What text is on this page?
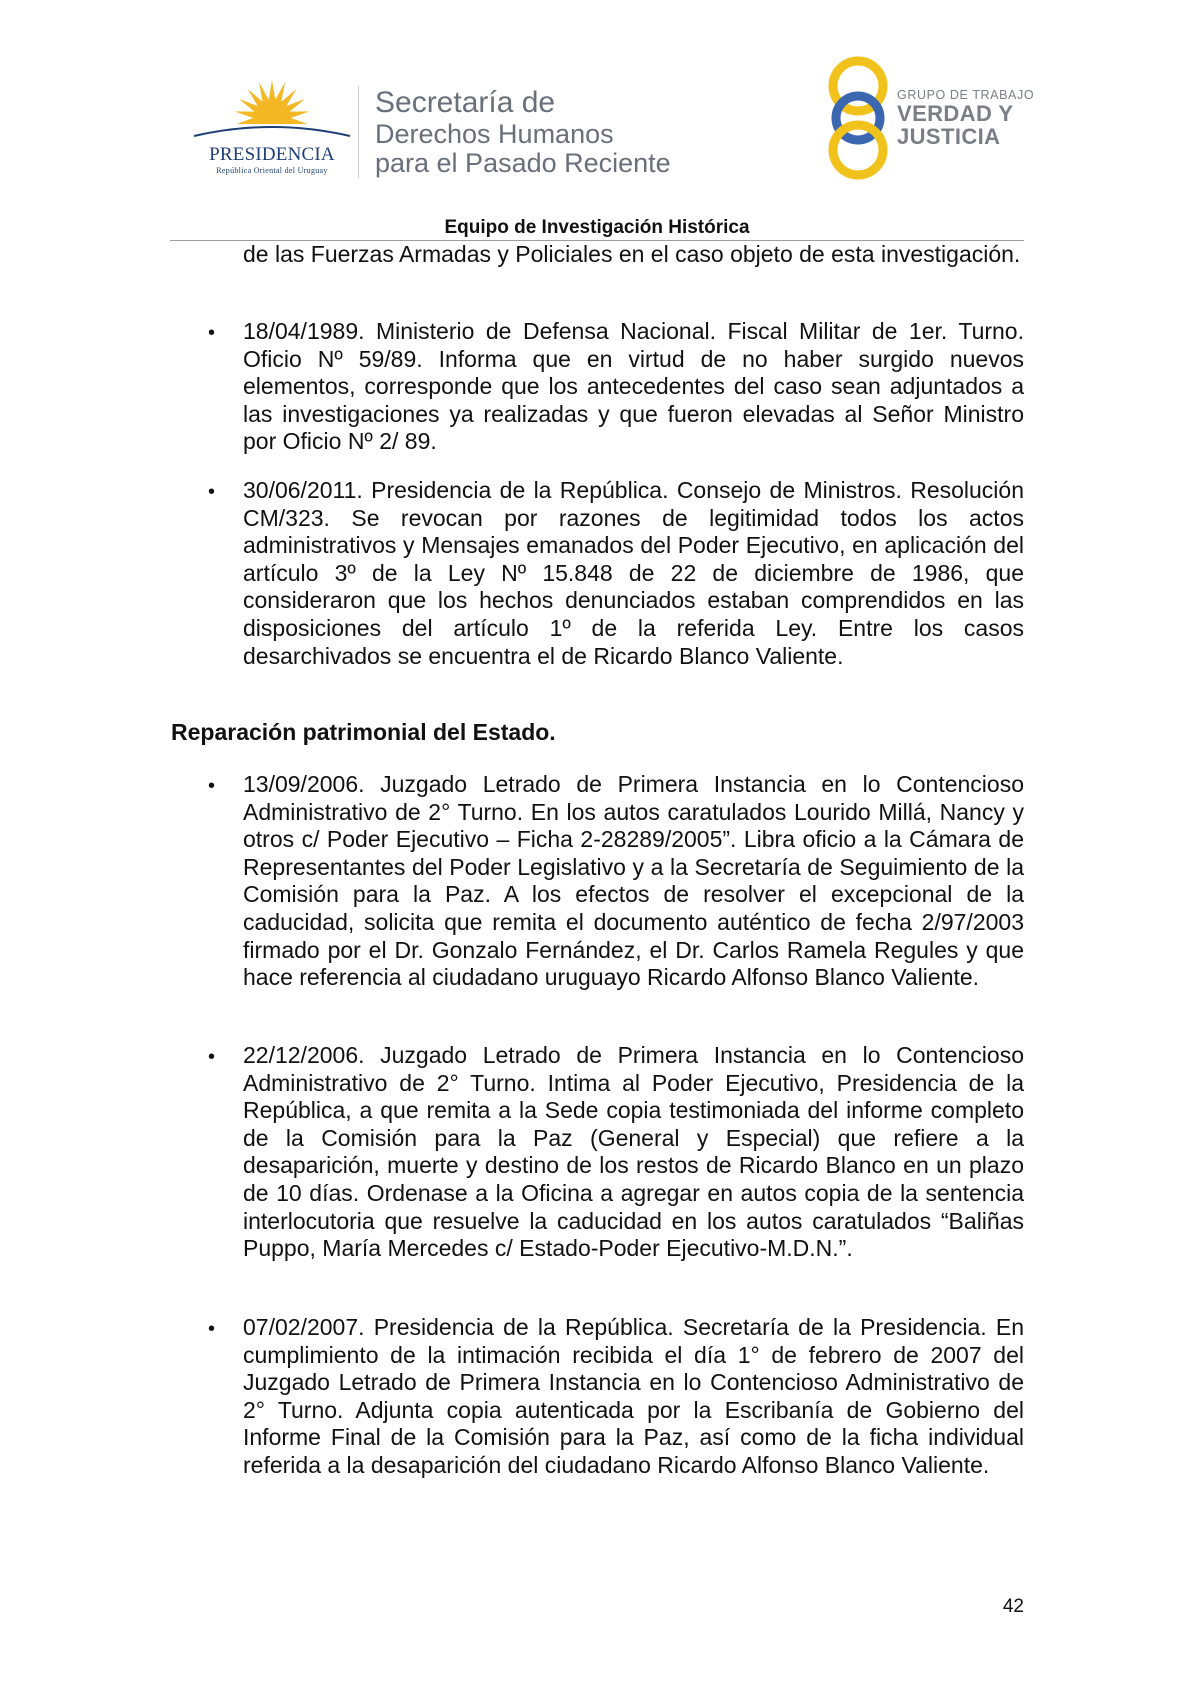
PRESIDENCIA
República Oriental del Uruguay
Secretaría de
Derechos Humanos
para el Pasado Reciente
GRUPO DE TRABAJO
VERDAD Y
JUSTICIA
Equipo de Investigación Histórica
de las Fuerzas Armadas y Policiales en el caso objeto de esta investigación.
• 18/04/1989. Ministerio de Defensa Nacional. Fiscal Militar de 1er. Turno. Oficio Nº 59/89. Informa que en virtud de no haber surgido nuevos elementos, corresponde que los antecedentes del caso sean adjuntados a las investigaciones ya realizadas y que fueron elevadas al Señor Ministro por Oficio Nº 2/ 89.
• 30/06/2011. Presidencia de la República. Consejo de Ministros. Resolución CM/323. Se revocan por razones de legitimidad todos los actos administrativos y Mensajes emanados del Poder Ejecutivo, en aplicación del artículo 3º de la Ley Nº 15.848 de 22 de diciembre de 1986, que consideraron que los hechos denunciados estaban comprendidos en las disposiciones del artículo 1º de la referida Ley. Entre los casos desarchivados se encuentra el de Ricardo Blanco Valiente.
Reparación patrimonial del Estado.
• 13/09/2006. Juzgado Letrado de Primera Instancia en lo Contencioso Administrativo de 2° Turno. En los autos caratulados Lourido Millá, Nancy y otros c/ Poder Ejecutivo – Ficha 2-28289/2005”. Libra oficio a la Cámara de Representantes del Poder Legislativo y a la Secretaría de Seguimiento de la Comisión para la Paz. A los efectos de resolver el excepcional de la caducidad, solicita que remita el documento auténtico de fecha 2/97/2003 firmado por el Dr. Gonzalo Fernández, el Dr. Carlos Ramela Regules y que hace referencia al ciudadano uruguayo Ricardo Alfonso Blanco Valiente.
• 22/12/2006. Juzgado Letrado de Primera Instancia en lo Contencioso Administrativo de 2° Turno. Intima al Poder Ejecutivo, Presidencia de la República, a que remita a la Sede copia testimoniada del informe completo de la Comisión para la Paz (General y Especial) que refiere a la desaparición, muerte y destino de los restos de Ricardo Blanco en un plazo de 10 días. Ordenase a la Oficina a agregar en autos copia de la sentencia interlocutoria que resuelve la caducidad en los autos caratulados “Baliñas Puppo, María Mercedes c/ Estado-Poder Ejecutivo-M.D.N.”.
• 07/02/2007. Presidencia de la República. Secretaría de la Presidencia. En cumplimiento de la intimación recibida el día 1° de febrero de 2007 del Juzgado Letrado de Primera Instancia en lo Contencioso Administrativo de 2° Turno. Adjunta copia autenticada por la Escribanía de Gobierno del Informe Final de la Comisión para la Paz, así como de la ficha individual referida a la desaparición del ciudadano Ricardo Alfonso Blanco Valiente.
42
